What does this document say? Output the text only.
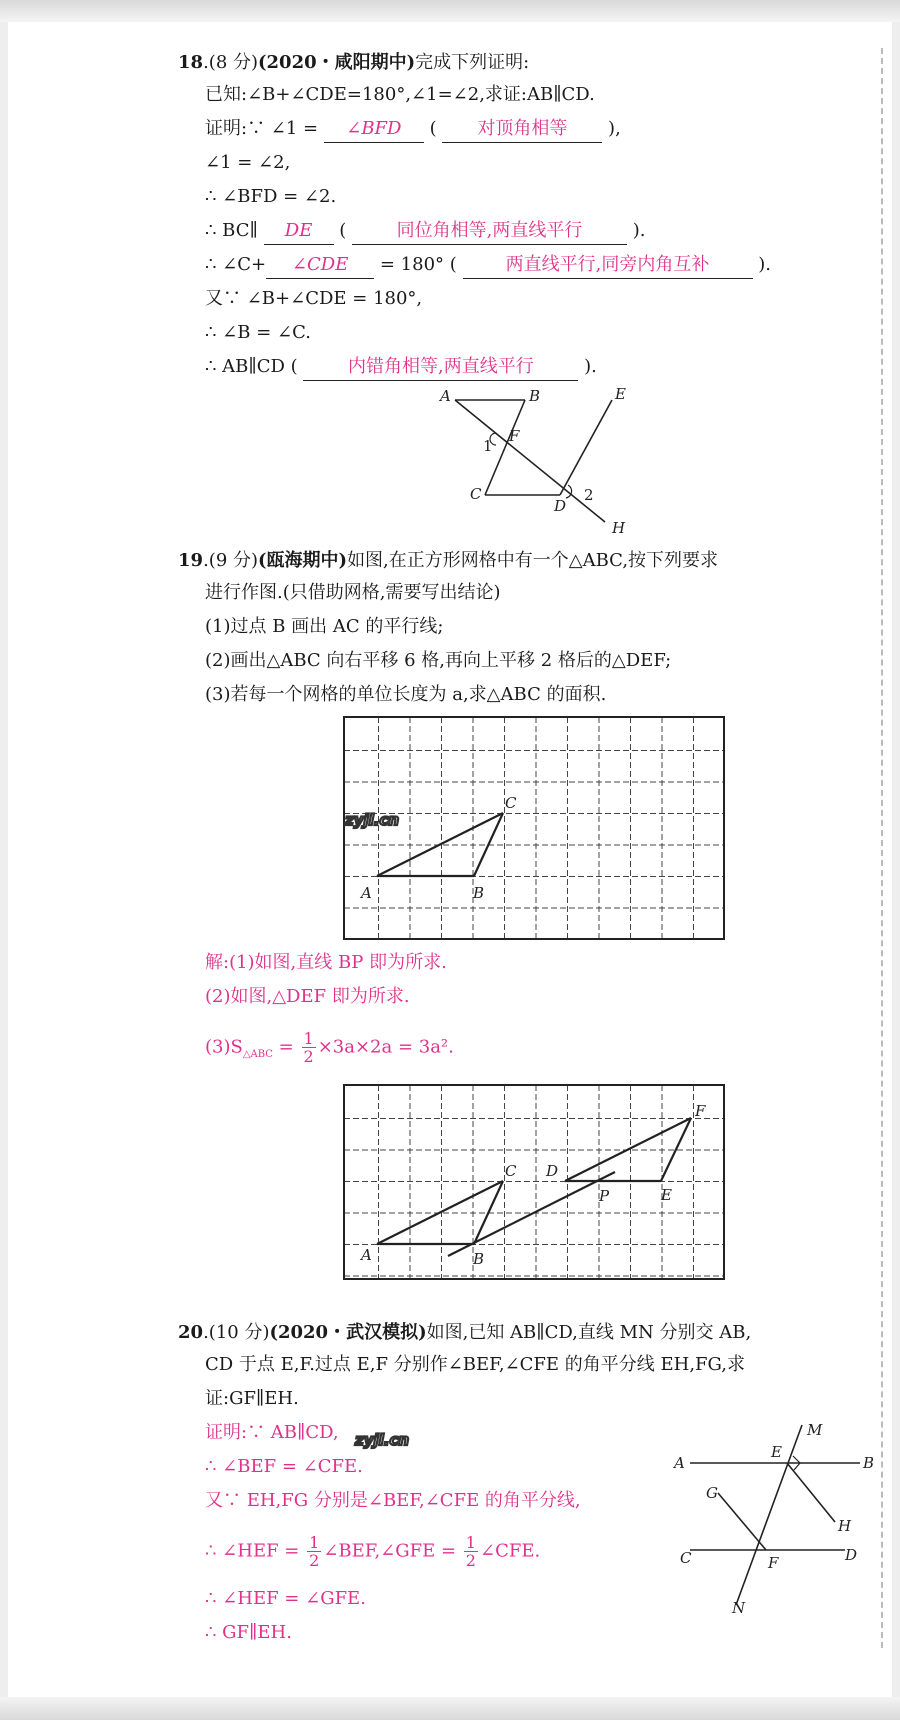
18.(8 分)(2020・咸阳期中)完成下列证明:
已知:∠B+∠CDE=180°,∠1=∠2,求证:AB∥CD.
证明:∵ ∠1 = ∠BFD ( 对顶角相等 ),
∠1 = ∠2,
∴ ∠BFD = ∠2.
∴ BC∥ DE ( 同位角相等,两直线平行 ).
∴ ∠C+ ∠CDE = 180° ( 两直线平行,同旁内角互补 ).
又∵ ∠B+∠CDE = 180°,
∴ ∠B = ∠C.
∴ AB∥CD ( 内错角相等,两直线平行 ).
A	B	E
F
1
C
D
2
H
19.(9 分)(瓯海期中)如图,在正方形网格中有一个△ABC,按下列要求
进行作图.(只借助网格,需要写出结论)
(1)过点 B 画出 AC 的平行线;
(2)画出△ABC 向右平移 6 格,再向上平移 2 格后的△DEF;
(3)若每一个网格的单位长度为 a,求△ABC 的面积.
A	B
C
解:(1)如图,直线 BP 即为所求.
(2)如图,△DEF 即为所求.
$(3)S_{\triangle ABC} = \frac{1}{2} \times 3a\times 2a = 3a^2$.
A	B
C D
E
F
P
20.(10 分)(2020・武汉模拟)如图,已知 AB∥CD,直线 MN 分别交 AB,
CD 于点 E,F.过点 E,F 分别作∠BEF,∠CFE 的角平分线 EH,FG,求
证:GF∥EH.
证明:∵ AB∥CD,
∴ ∠BEF = ∠CFE.
又∵ EH,FG 分别是∠BEF,∠CFE 的角平分线,
∴ ∠HEF = $\frac{1}{2}$ ∠BEF,∠GFE = $\frac{1}{2}$ ∠CFE.
∴ ∠HEF = ∠GFE.
∴ GF∥EH.
A	B
E
M
H
G
C	D
F
N
zyjl.cn
zyjl.cn
